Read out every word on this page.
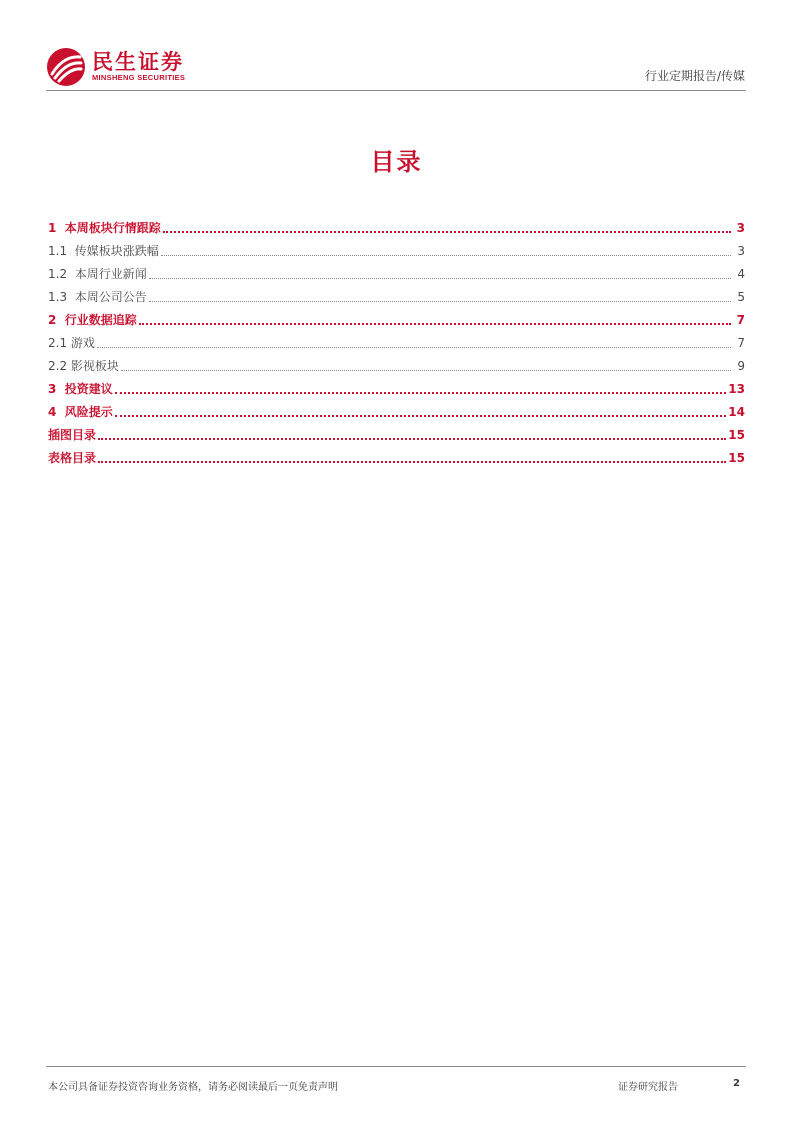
民生证券
MINSHENG SECURITIES	行业定期报告/传媒
目录
1  本周板块行情跟踪	3
1.1  传媒板块涨跌幅	3
1.2  本周行业新闻	4
1.3  本周公司公告	5
2  行业数据追踪	7
2.1 游戏	7
2.2 影视板块	9
3  投资建议	13
4  风险提示	14
插图目录	15
表格目录	15
本公司具备证券投资咨询业务资格，请务必阅读最后一页免责声明	证券研究报告	2
